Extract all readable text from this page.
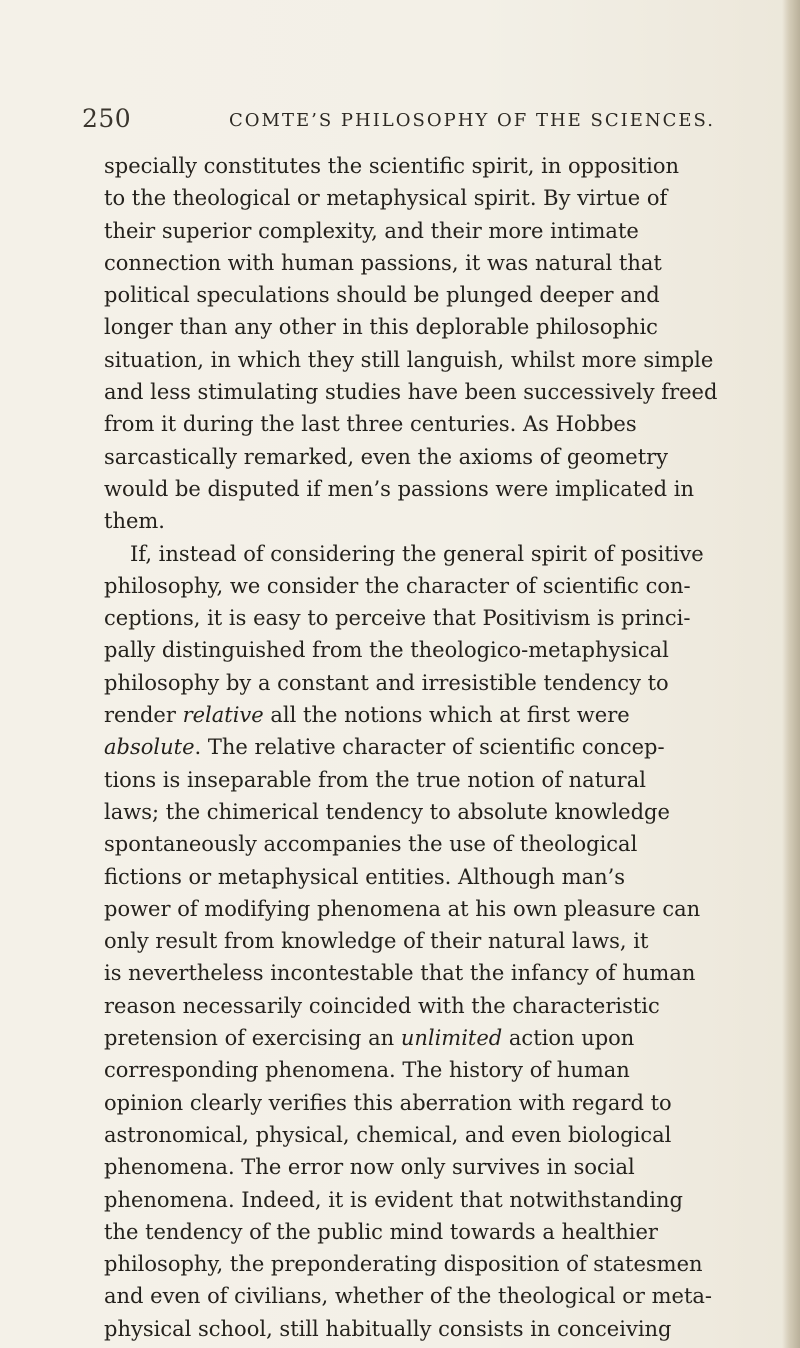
250	COMTE’S PHILOSOPHY OF THE SCIENCES.
specially constitutes the scientific spirit, in opposition
to the theological or metaphysical spirit. By virtue of
their superior complexity, and their more intimate
connection with human passions, it was natural that
political speculations should be plunged deeper and
longer than any other in this deplorable philosophic
situation, in which they still languish, whilst more simple
and less stimulating studies have been successively freed
from it during the last three centuries. As Hobbes
sarcastically remarked, even the axioms of geometry
would be disputed if men’s passions were implicated in
them.
If, instead of considering the general spirit of positive
philosophy, we consider the character of scientific con-
ceptions, it is easy to perceive that Positivism is princi-
pally distinguished from the theologico-metaphysical
philosophy by a constant and irresistible tendency to
render relative all the notions which at first were
absolute. The relative character of scientific concep-
tions is inseparable from the true notion of natural
laws; the chimerical tendency to absolute knowledge
spontaneously accompanies the use of theological
fictions or metaphysical entities. Although man’s
power of modifying phenomena at his own pleasure can
only result from knowledge of their natural laws, it
is nevertheless incontestable that the infancy of human
reason necessarily coincided with the characteristic
pretension of exercising an unlimited action upon
corresponding phenomena. The history of human
opinion clearly verifies this aberration with regard to
astronomical, physical, chemical, and even biological
phenomena. The error now only survives in social
phenomena. Indeed, it is evident that notwithstanding
the tendency of the public mind towards a healthier
philosophy, the preponderating disposition of statesmen
and even of civilians, whether of the theological or meta-
physical school, still habitually consists in conceiving
